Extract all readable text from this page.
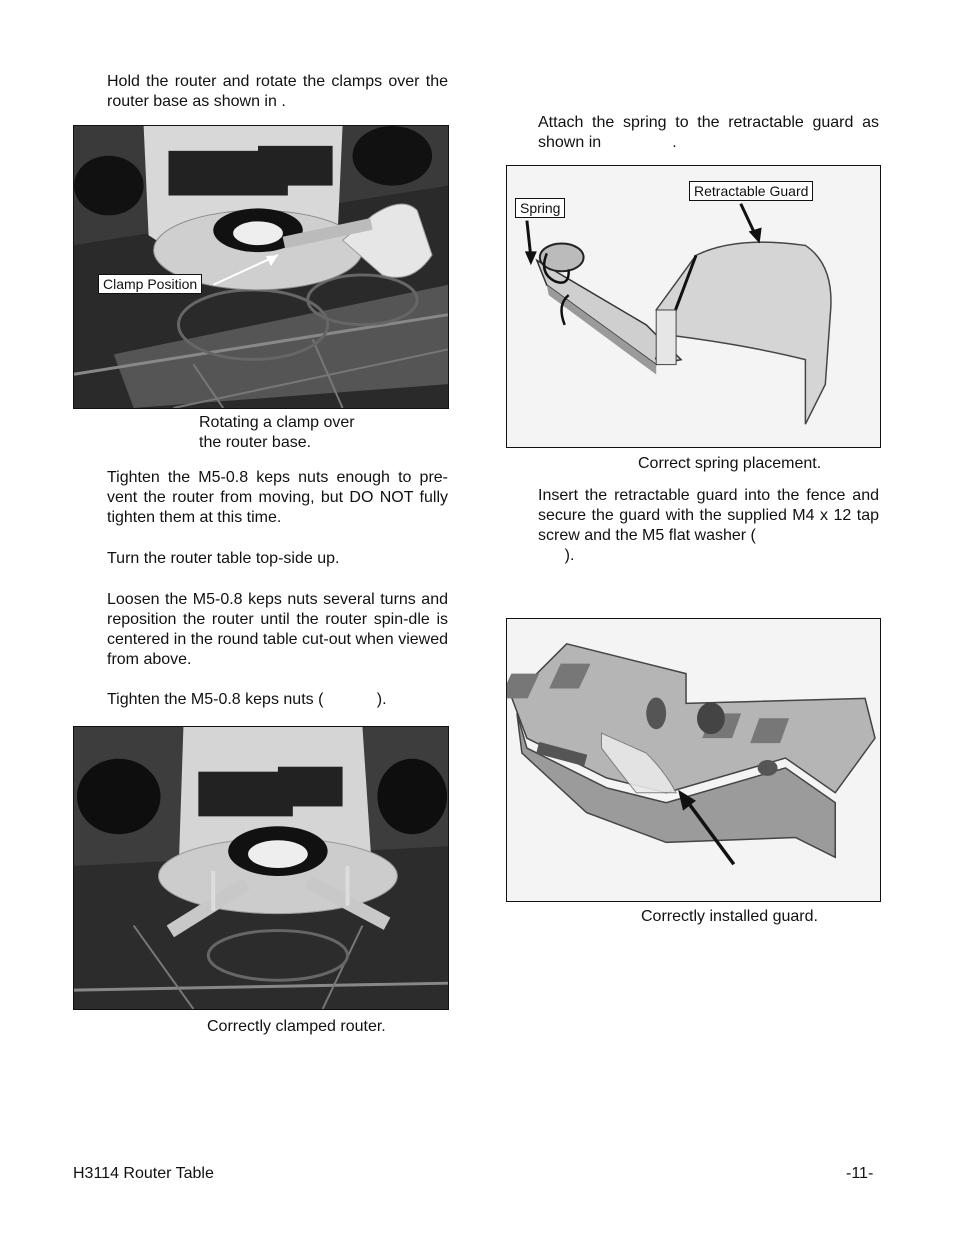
Hold the router and rotate the clamps over the router base as shown in .

Clamp Position

Rotating a clamp over
the router base.

Tighten the M5-0.8 keps nuts enough to pre-vent the router from moving, but DO NOT fully tighten them at this time.

Turn the router table top-side up.

Loosen the M5-0.8 keps nuts several turns and reposition the router until the router spin-dle is centered in the round table cut-out when viewed from above.

Tighten the M5-0.8 keps nuts (            ).

Correctly clamped router.

Attach the spring to the retractable guard as shown in                .

Spring
Retractable Guard

Correct spring placement.

Insert the retractable guard into the fence and secure the guard with the supplied M4 x 12 tap screw and the M5 flat washer (
).

Correctly installed guard.

H3114 Router Table	-11-
